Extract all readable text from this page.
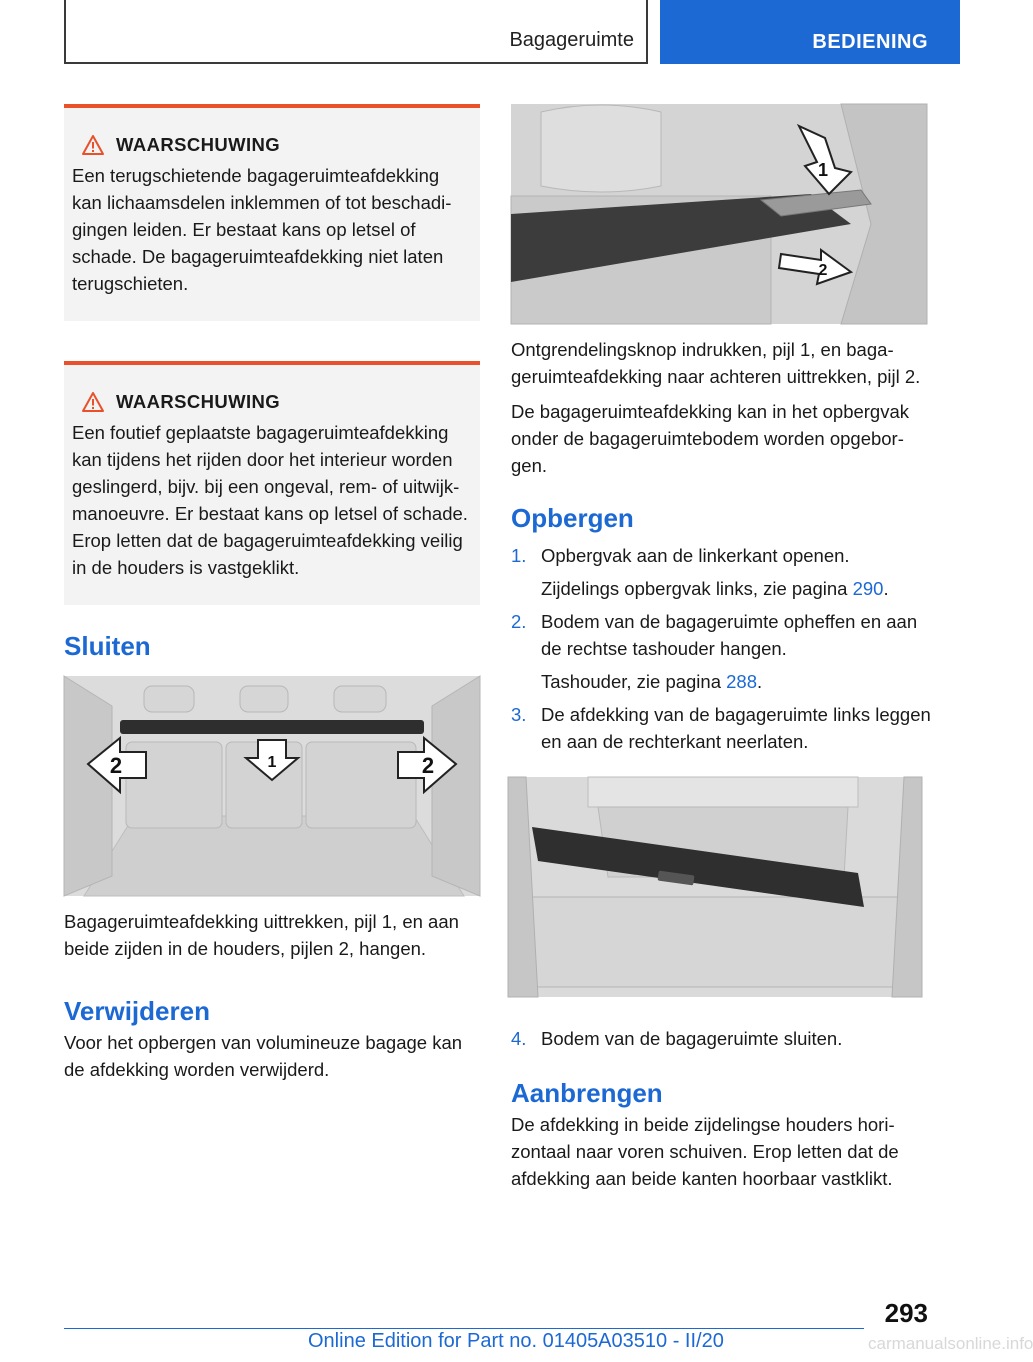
Bagageruimte	BEDIENING
WAARSCHUWING
Een terugschietende bagageruimteafdekking kan lichaamsdelen inklemmen of tot beschadigingen leiden. Er bestaat kans op letsel of schade. De bagageruimteafdekking niet laten terugschieten.
WAARSCHUWING
Een foutief geplaatste bagageruimteafdekking kan tijdens het rijden door het interieur worden geslingerd, bijv. bij een ongeval, rem- of uitwijkmanoeuvre. Er bestaat kans op letsel of schade. Erop letten dat de bagageruimteafdekking veilig in de houders is vastgeklikt.
Sluiten
2	1	2

Bagageruimteafdekking uittrekken, pijl 1, en aan beide zijden in de houders, pijlen 2, hangen.

Verwijderen

Voor het opbergen van volumineuze bagage kan de afdekking worden verwijderd.

1
2

Ontgrendelingsknop indrukken, pijl 1, en bagageruimteafdekking naar achteren uittrekken, pijl 2.

De bagageruimteafdekking kan in het opbergvak onder de bagageruimtebodem worden opgeborgen.

Opbergen
1. Opbergvak aan de linkerkant openen.
Zijdelings opbergvak links, zie pagina 290.
2. Bodem van de bagageruimte opheffen en aan de rechtse tashouder hangen.
Tashouder, zie pagina 288.
3. De afdekking van de bagageruimte links leggen en aan de rechterkant neerlaten.
4. Bodem van de bagageruimte sluiten.
Aanbrengen

De afdekking in beide zijdelingse houders horizontaal naar voren schuiven. Erop letten dat de afdekking aan beide kanten hoorbaar vastklikt.

293
Online Edition for Part no. 01405A03510 - II/20	carmanualsonline.info
